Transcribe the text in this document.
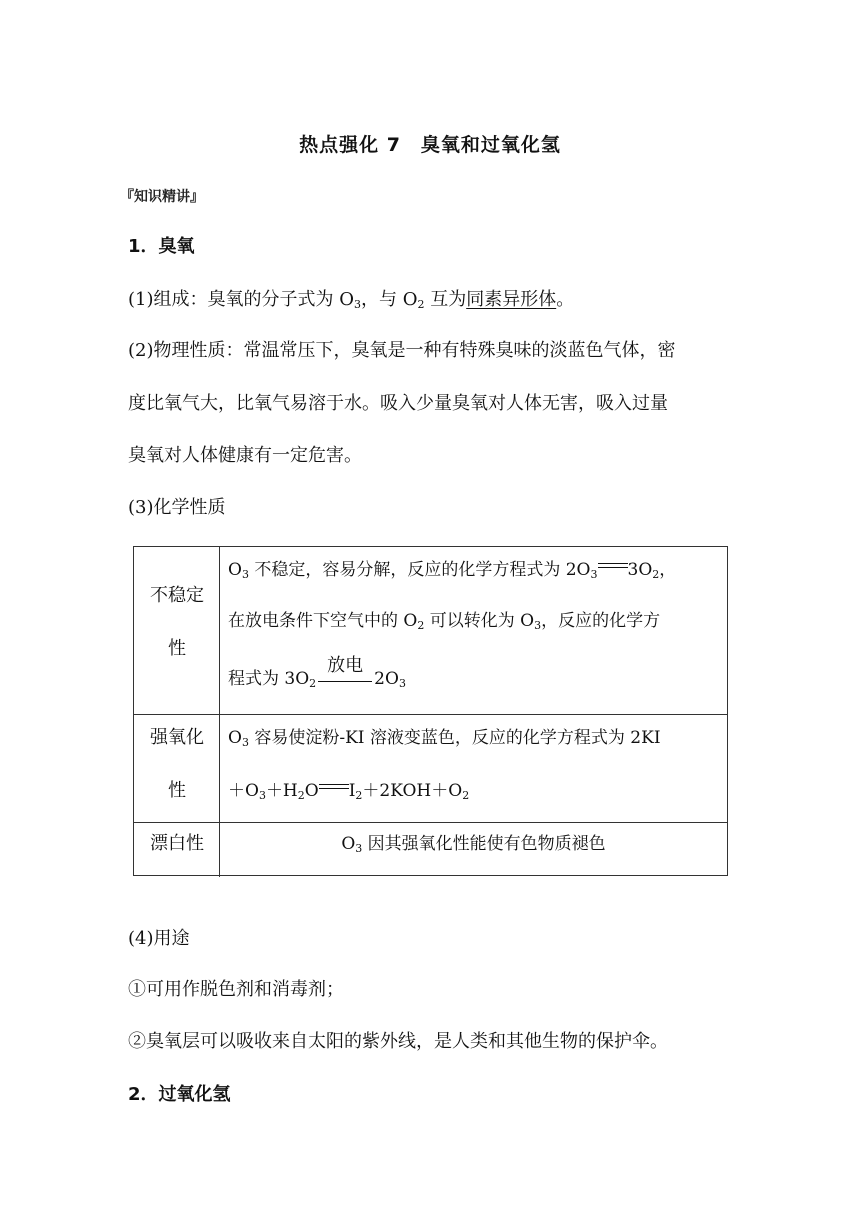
热点强化 7　臭氧和过氧化氢
『知识精讲』
1．臭氧
(1)组成：臭氧的分子式为 $O_3$，与 $O_2$ 互为同素异形体。
(2)物理性质：常温常压下，臭氧是一种有特殊臭味的淡蓝色气体，密
度比氧气大，比氧气易溶于水。吸入少量臭氧对人体无害，吸入过量
臭氧对人体健康有一定危害。
(3)化学性质
不稳定
性
$O_3$ 不稳定，容易分解，反应的化学方程式为 $2O_3$ $3O_2$，
在放电条件下空气中的 $O_2$ 可以转化为 $O_3$，反应的化学方
程式为 $3O_2$
放电
$2O_3$
强氧化
性
$O_3$ 容易使淀粉-KI 溶液变蓝色，反应的化学方程式为 2KI
$+O_3+H_2O$ $I_2+2KOH+O_2$
漂白性	$O_3$ 因其强氧化性能使有色物质褪色
(4)用途
①可用作脱色剂和消毒剂；
②臭氧层可以吸收来自太阳的紫外线，是人类和其他生物的保护伞。
2．过氧化氢
